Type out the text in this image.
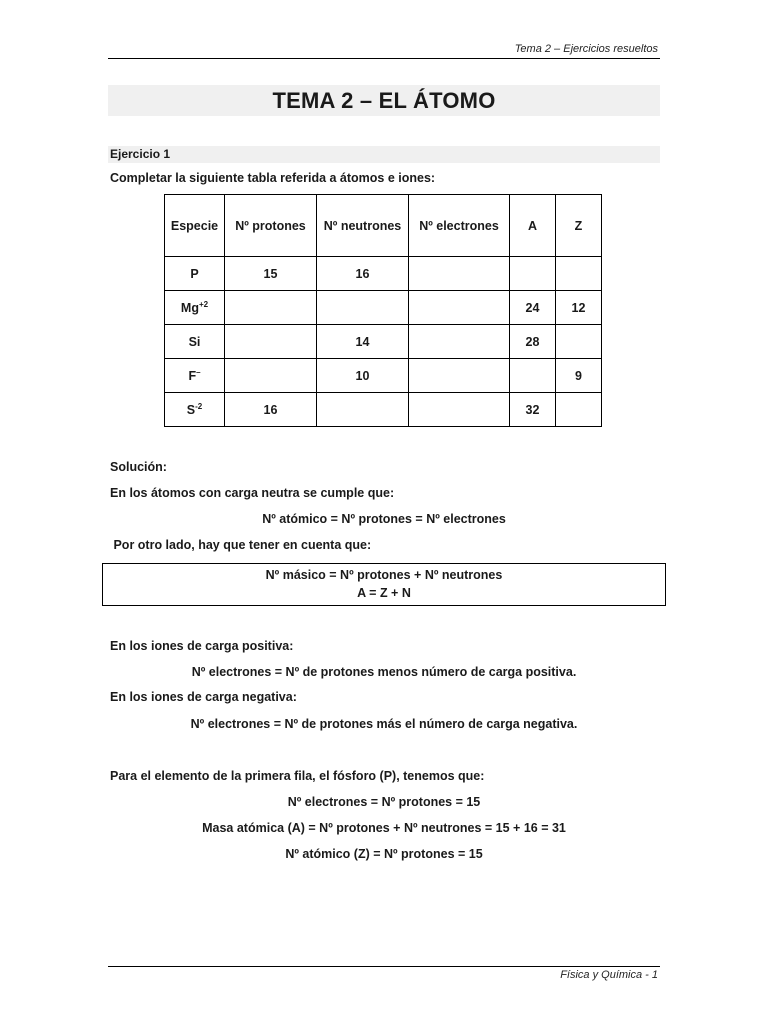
Tema 2 – Ejercicios resueltos
TEMA 2 – EL ÁTOMO
Ejercicio 1
Completar la siguiente tabla referida a átomos e iones:
Especie	Nº protones	Nº neutrones	Nº electrones	A	Z
P	15	16			
$Mg^{+2}$				24	12
Si		14		28	
F–		10			9
$S^{-2}$	16			32	
Solución:
En los átomos con carga neutra se cumple que:
Nº atómico = Nº protones = Nº electrones
Por otro lado, hay que tener en cuenta que:
Nº másico = Nº protones + Nº neutrones
A = Z + N
En los iones de carga positiva:
Nº electrones = Nº de protones menos número de carga positiva.
En los iones de carga negativa:
Nº electrones = Nº de protones más el número de carga negativa.
Para el elemento de la primera fila, el fósforo (P), tenemos que:
Nº electrones = Nº protones = 15
Masa atómica (A) = Nº protones + Nº neutrones = 15 + 16 = 31
Nº atómico (Z) = Nº protones = 15
Física y Química - 1
